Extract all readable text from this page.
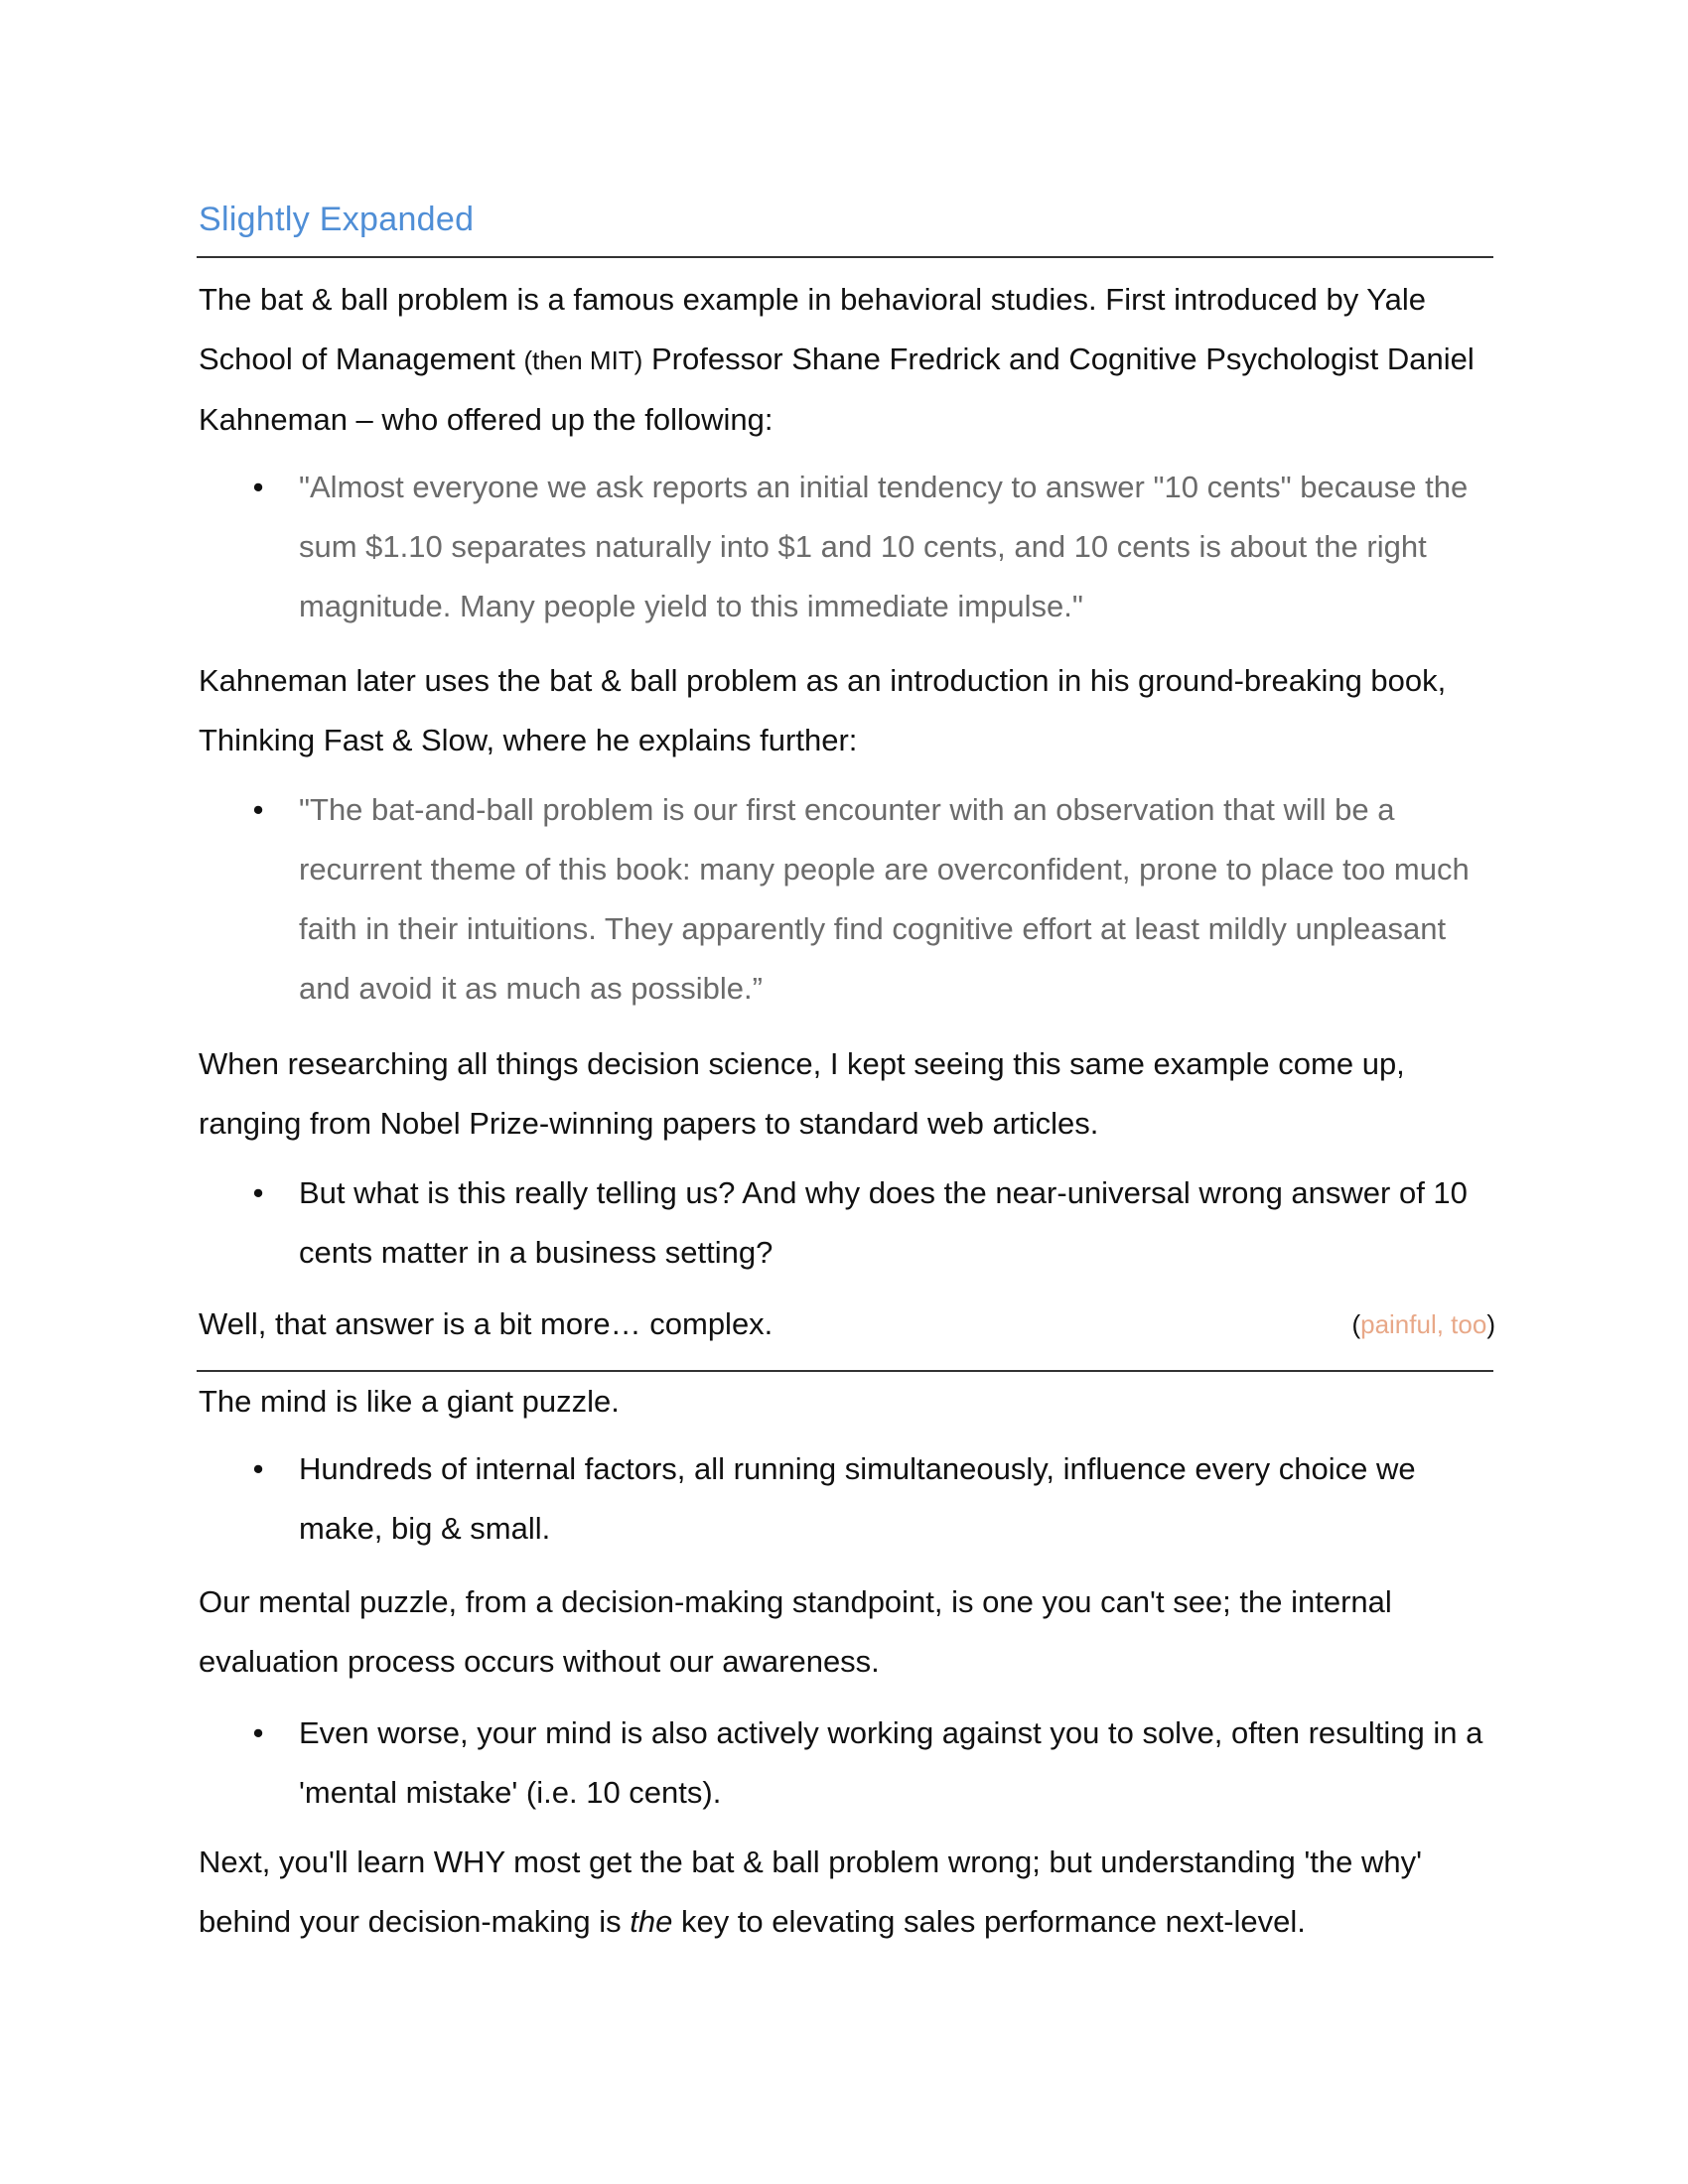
Slightly Expanded

The bat & ball problem is a famous example in behavioral studies. First introduced by Yale School of Management (then MIT) Professor Shane Fredrick and Cognitive Psychologist Daniel Kahneman – who offered up the following:

• "Almost everyone we ask reports an initial tendency to answer "10 cents" because the sum $1.10 separates naturally into $1 and 10 cents, and 10 cents is about the right magnitude. Many people yield to this immediate impulse."

Kahneman later uses the bat & ball problem as an introduction in his ground-breaking book, Thinking Fast & Slow, where he explains further:

• "The bat-and-ball problem is our first encounter with an observation that will be a recurrent theme of this book: many people are overconfident, prone to place too much faith in their intuitions. They apparently find cognitive effort at least mildly unpleasant and avoid it as much as possible.”

When researching all things decision science, I kept seeing this same example come up, ranging from Nobel Prize-winning papers to standard web articles.

• But what is this really telling us? And why does the near-universal wrong answer of 10 cents matter in a business setting?

Well, that answer is a bit more… complex.	(painful, too)

The mind is like a giant puzzle.

• Hundreds of internal factors, all running simultaneously, influence every choice we make, big & small.

Our mental puzzle, from a decision-making standpoint, is one you can't see; the internal evaluation process occurs without our awareness.

• Even worse, your mind is also actively working against you to solve, often resulting in a 'mental mistake' (i.e. 10 cents).

Next, you'll learn WHY most get the bat & ball problem wrong; but understanding 'the why' behind your decision-making is the key to elevating sales performance next-level.
